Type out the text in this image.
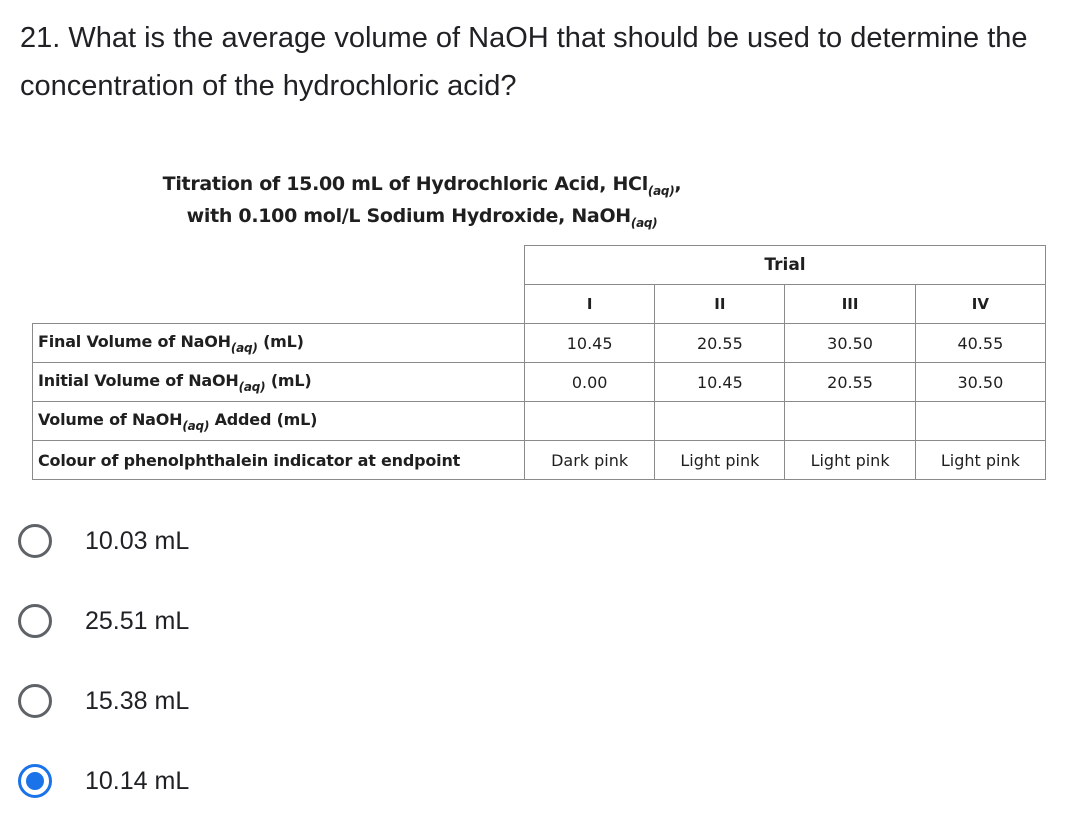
21. What is the average volume of NaOH that should be used to determine the concentration of the hydrochloric acid?

Titration of 15.00 mL of Hydrochloric Acid, HCl$_{(aq)}$,
with 0.100 mol/L Sodium Hydroxide, NaOH$_{(aq)}$
	Trial			
	I	II	III	IV
Final Volume of NaOH$_{(aq)}$ (mL)	10.45	20.55	30.50	40.55
Initial Volume of NaOH$_{(aq)}$ (mL)	0.00	10.45	20.55	30.50
Volume of NaOH$_{(aq)}$ Added (mL)				
Colour of phenolphthalein indicator at endpoint	Dark pink	Light pink	Light pink	Light pink
10.03 mL
25.51 mL
15.38 mL
10.14 mL
